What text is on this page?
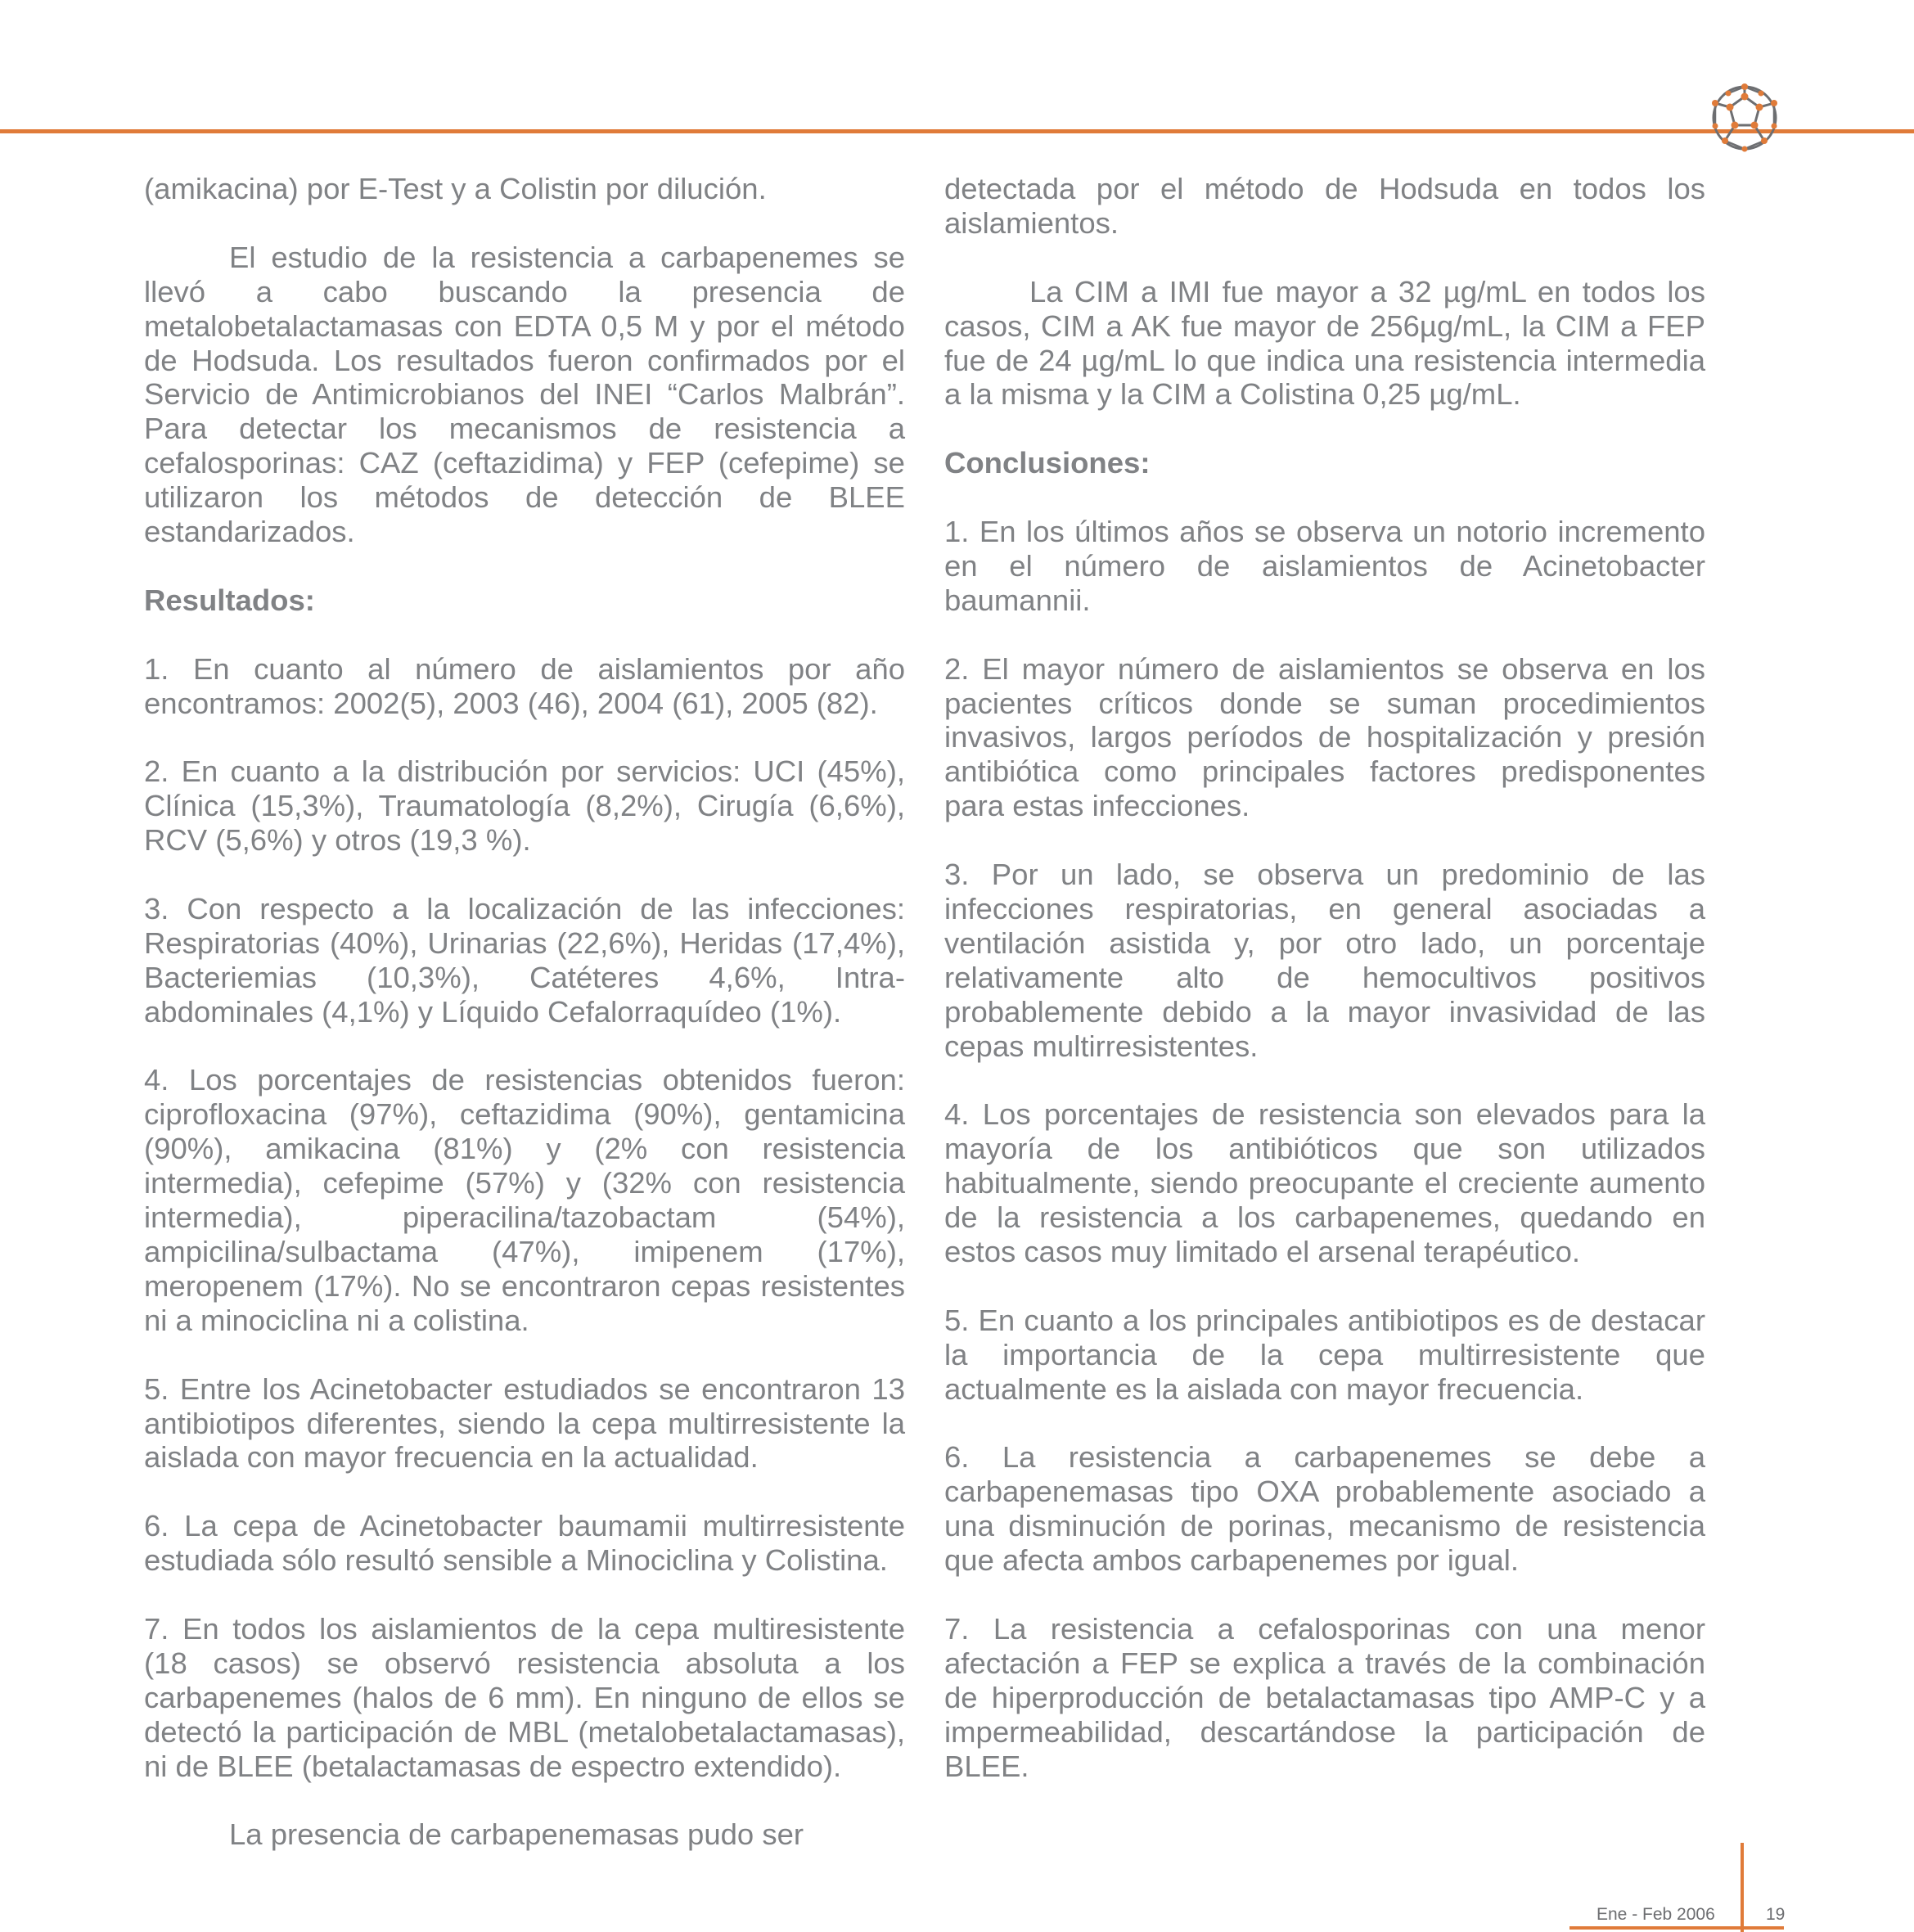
(amikacina) por E-Test y a Colistin por dilución.

El estudio de la resistencia a carbapenemes se llevó a cabo buscando la presencia de metalobetalactamasas con EDTA 0,5 M y por el método de Hodsuda. Los resultados fueron confirmados por el Servicio de Antimicrobianos del INEI “Carlos Malbrán”. Para detectar los mecanismos de resistencia a cefalosporinas: CAZ (ceftazidima) y FEP (cefepime) se utilizaron los métodos de detección de BLEE estandarizados.

Resultados:

1. En cuanto al número de aislamientos por año encontramos: 2002(5), 2003 (46), 2004 (61), 2005 (82).

2. En cuanto a la distribución por servicios: UCI (45%), Clínica (15,3%), Traumatología (8,2%), Cirugía (6,6%), RCV (5,6%) y otros (19,3 %).

3. Con respecto a la localización de las infecciones: Respiratorias (40%), Urinarias (22,6%), Heridas (17,4%), Bacteriemias (10,3%), Catéteres 4,6%, Intra-abdominales (4,1%) y Líquido Cefalorraquídeo (1%).

4. Los porcentajes de resistencias obtenidos fueron: ciprofloxacina (97%), ceftazidima (90%), gentamicina (90%), amikacina (81%) y (2% con resistencia intermedia), cefepime (57%) y (32% con resistencia intermedia), piperacilina/tazobactam (54%), ampicilina/sulbactama (47%), imipenem (17%), meropenem (17%). No se encontraron cepas resistentes ni a minociclina ni a colistina.

5. Entre los Acinetobacter estudiados se encontraron 13 antibiotipos diferentes, siendo la cepa multirresistente la aislada con mayor frecuencia en la actualidad.

6. La cepa de Acinetobacter baumamii multirresistente estudiada sólo resultó sensible a Minociclina y Colistina.

7. En todos los aislamientos de la cepa multiresistente (18 casos) se observó resistencia absoluta a los carbapenemes (halos de 6 mm). En ninguno de ellos se detectó la participación de MBL (metalobetalactamasas), ni de BLEE (betalactamasas de espectro extendido).

La presencia de carbapenemasas pudo ser

detectada por el método de Hodsuda en todos los aislamientos.

La CIM a IMI fue mayor a 32 µg/mL en todos los casos, CIM a AK fue mayor de 256µg/mL, la CIM a FEP fue de 24 µg/mL lo que indica una resistencia intermedia a la misma y la CIM a Colistina 0,25 µg/mL.

Conclusiones:

1. En los últimos años se observa un notorio incremento en el número de aislamientos de Acinetobacter baumannii.

2. El mayor número de aislamientos se observa en los pacientes críticos donde se suman procedimientos invasivos, largos períodos de hospitalización y presión antibiótica como principales factores predisponentes para estas infecciones.

3. Por un lado, se observa un predominio de las infecciones respiratorias, en general asociadas a ventilación asistida y, por otro lado, un porcentaje relativamente alto de hemocultivos positivos probablemente debido a la mayor invasividad de las cepas multirresistentes.

4. Los porcentajes de resistencia son elevados para la mayoría de los antibióticos que son utilizados habitualmente, siendo preocupante el creciente aumento de la resistencia a los carbapenemes, quedando en estos casos muy limitado el arsenal terapéutico.

5. En cuanto a los principales antibiotipos es de destacar la importancia de la cepa multirresistente que actualmente es la aislada con mayor frecuencia.

6. La resistencia a carbapenemes se debe a carbapenemasas tipo OXA probablemente asociado a una disminución de porinas, mecanismo de resistencia que afecta ambos carbapenemes por igual.

7. La resistencia a cefalosporinas con una menor afectación a FEP se explica a través de la combinación de hiperproducción de betalactamasas tipo AMP-C y a impermeabilidad, descartándose la participación de BLEE.

Ene - Feb 2006	19
